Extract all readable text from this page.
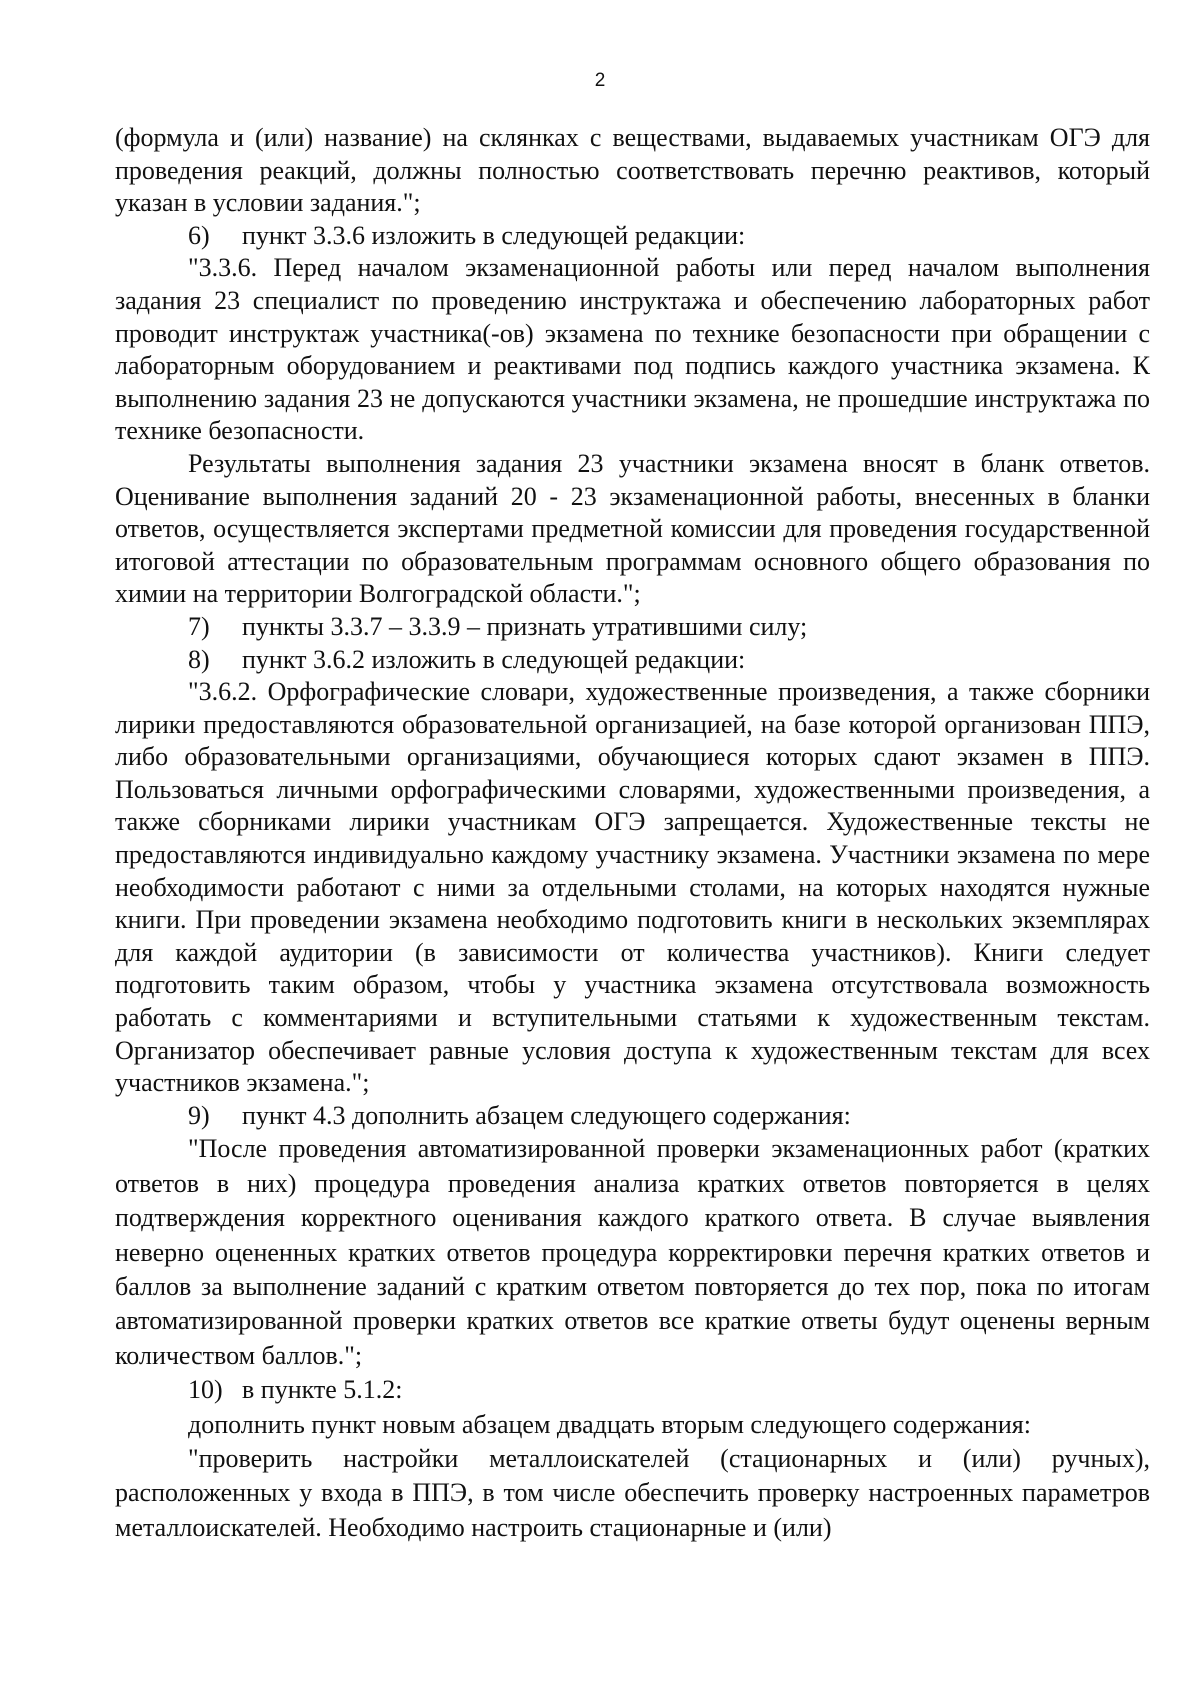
2

(формула и (или) название) на склянках с веществами, выдаваемых участникам ОГЭ для проведения реакций, должны полностью соответствовать перечню реактивов, который указан в условии задания.";

6)	пункт 3.3.6 изложить в следующей редакции:

"3.3.6. Перед началом экзаменационной работы или перед началом выполнения задания 23 специалист по проведению инструктажа и обеспечению лабораторных работ проводит инструктаж участника(-ов) экзамена по технике безопасности при обращении с лабораторным оборудованием и реактивами под подпись каждого участника экзамена. К выполнению задания 23 не допускаются участники экзамена, не прошедшие инструктажа по технике безопасности.

Результаты выполнения задания 23 участники экзамена вносят в бланк ответов. Оценивание выполнения заданий 20 - 23 экзаменационной работы, внесенных в бланки ответов, осуществляется экспертами предметной комиссии для проведения государственной итоговой аттестации по образовательным программам основного общего образования по химии на территории Волгоградской области.";

7)	пункты 3.3.7 – 3.3.9 – признать утратившими силу;

8)	пункт 3.6.2 изложить в следующей редакции:

"3.6.2. Орфографические словари, художественные произведения, а также сборники лирики предоставляются образовательной организацией, на базе которой организован ППЭ, либо образовательными организациями, обучающиеся которых сдают экзамен в ППЭ. Пользоваться личными орфографическими словарями, художественными произведения, а также сборниками лирики участникам ОГЭ запрещается. Художественные тексты не предоставляются индивидуально каждому участнику экзамена. Участники экзамена по мере необходимости работают с ними за отдельными столами, на которых находятся нужные книги. При проведении экзамена необходимо подготовить книги в нескольких экземплярах для каждой аудитории (в зависимости от количества участников). Книги следует подготовить таким образом, чтобы у участника экзамена отсутствовала возможность работать с комментариями и вступительными статьями к художественным текстам. Организатор обеспечивает равные условия доступа к художественным текстам для всех участников экзамена.";

9)	пункт 4.3 дополнить абзацем следующего содержания:

"После проведения автоматизированной проверки экзаменационных работ (кратких ответов в них) процедура проведения анализа кратких ответов повторяется в целях подтверждения корректного оценивания каждого краткого ответа. В случае выявления неверно оцененных кратких ответов процедура корректировки перечня кратких ответов и баллов за выполнение заданий с кратким ответом повторяется до тех пор, пока по итогам автоматизированной проверки кратких ответов все краткие ответы будут оценены верным количеством баллов.";

10) в пункте 5.1.2:

дополнить пункт новым абзацем двадцать вторым следующего содержания:

"проверить настройки металлоискателей (стационарных и (или) ручных), расположенных у входа в ППЭ, в том числе обеспечить проверку настроенных параметров металлоискателей. Необходимо настроить стационарные и (или)
